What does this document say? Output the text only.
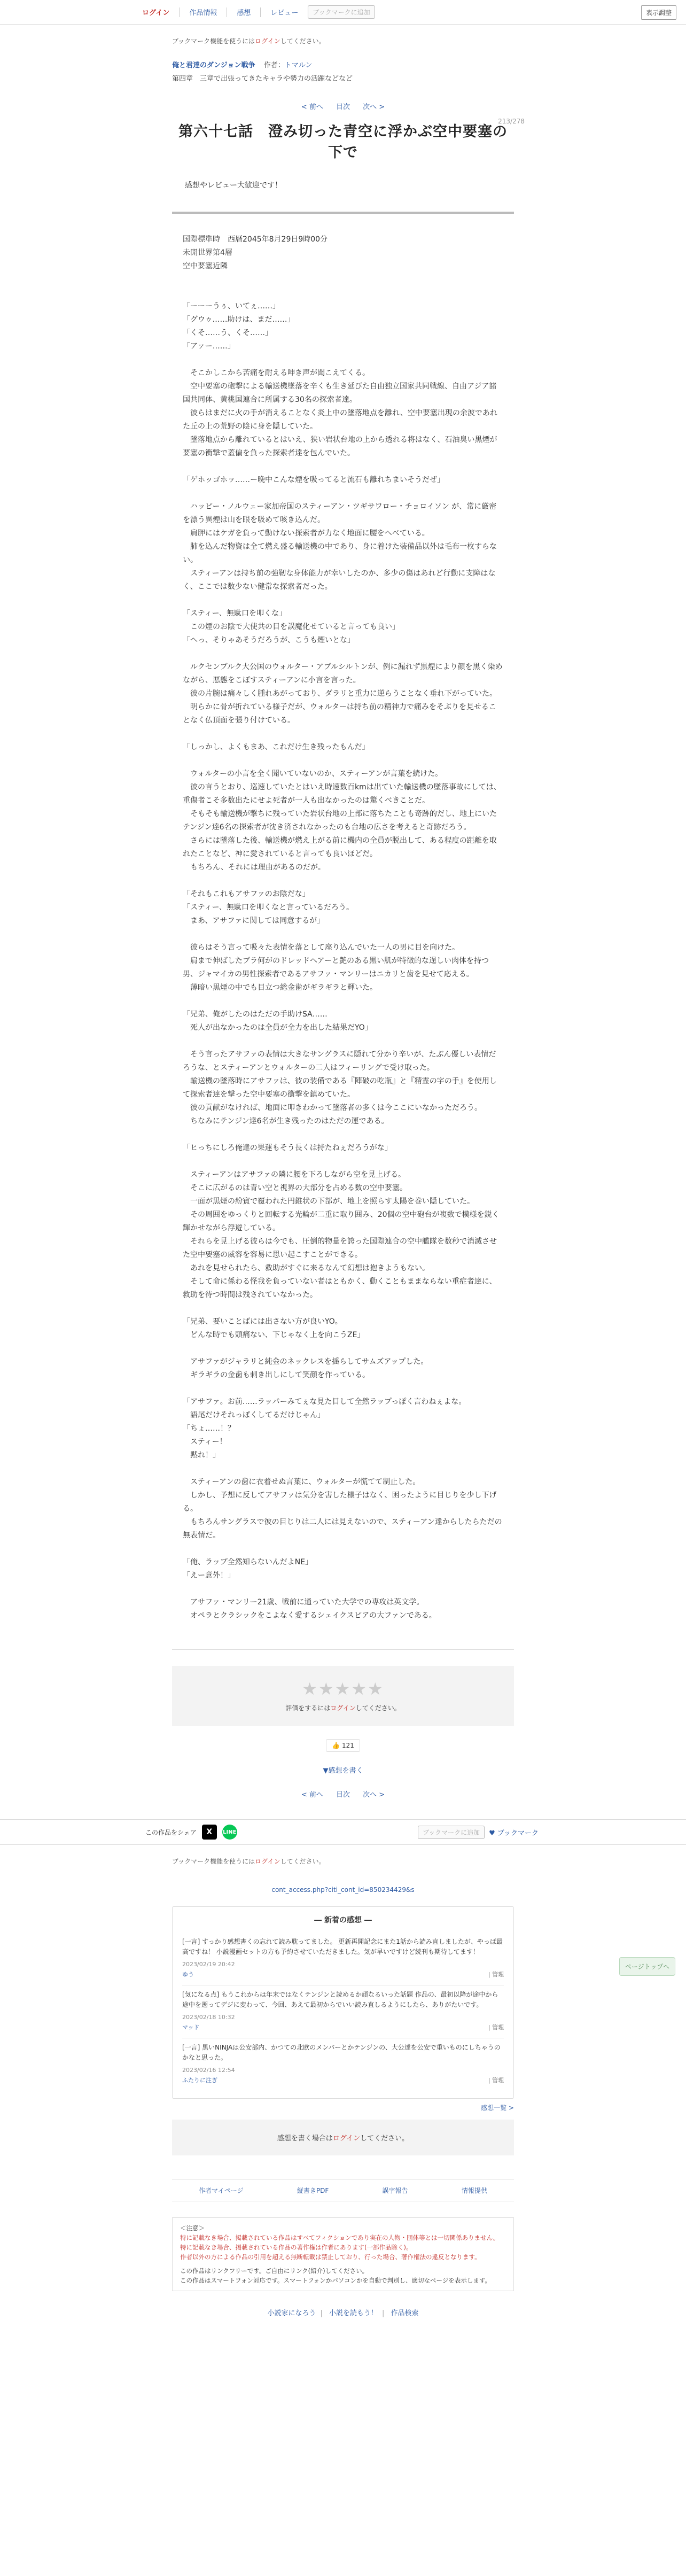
ログイン	作品情報	感想	レビュー	ブックマークに追加	表示調整
ブックマーク機能を使うにはログインしてください。
俺と君達のダンジョン戦争 作者：トマルン
第四章　三章で出張ってきたキャラや勢力の活躍などなど
< 前へ 目次 次へ >
213/278
第六十七話　澄み切った青空に浮かぶ空中要塞の下で
感想やレビュー大歓迎です！
国際標準時　西暦2045年8月29日9時00分
未開世界第4層
空中要塞近隣

「ーーーうぅ、いてぇ……」
「グウゥ……助けは、まだ……」
「くそ……う、くそ……」
「アァー……」

　そこかしこから苦痛を耐える呻き声が聞こえてくる。
　空中要塞の砲撃による輸送機墜落を辛くも生き延びた自由独立国家共同戦線、自由アジア諸国共同体、黄桃国連合に所属する30名の探索者達。
　彼らはまだに火の手が消えることなく炎上中の墜落地点を離れ、空中要塞出現の余波であれた丘の上の荒野の陰に身を隠していた。
　墜落地点から離れているとはいえ、狭い岩状台地の上から透れる将はなく、石油臭い黒煙が要塞の衝撃で蓋偏を負った探索者達を包んでいた。

「ゲホッゴホッ……ー晩中こんな煙を吸ってると流石も離れちまいそうだぜ」

　ハッピー・ノルウェー家加帝国のスティーアン・ツギサワロー・チョロイソン が、常に厳密を漂う異煙は山を眼を吸めて咳き込んだ。
　肩胛にはケガを負って動けない探索者が力なく地面に腰をへべている。
　肺を込んだ物資は全て燃え盛る輸送機の中であり、身に着けた装備品以外は毛布一枚すらない。
　スティーアンは持ち前の強靭な身体能力が幸いしたのか、多少の傷はあれど行動に支障はなく、ここでは数少ない健常な探索者だった。

「スティー、無駄口を叩くな」
　この煙のお陰で大使共の目を誤魔化せていると言っても良い」
「へっ、そりゃあそうだろうが、こうも煙いとな」

　ルクセンブルク大公国のウォルター・アブルシルトンが、例に漏れず黒煙により顔を黒く染めながら、悪態をこぼすスティーアンに小言を言った。
　彼の片腕は痛々しく腫れあがっており、ダラリと重力に逆らうことなく垂れ下がっていた。
　明らかに骨が折れている様子だが、ウォルターは持ち前の精神力で痛みをそぶりを見せることなく仏頂面を張り付けている。

「しっかし、よくもまあ、これだけ生き残ったもんだ」

　ウォルターの小言を全く聞いていないのか、スティーアンが言葉を続けた。
　彼の言うとおり、巡速していたとはいえ時速数百kmは出ていた輸送機の墜落事故にしては、重傷者こそ多数出たにせよ死者が一人も出なかったのは驚くべきことだ。
　そもそも輸送機が撃ちに残っていた岩状台地の上部に落ちたことも奇跡的だし、地上にいたテンジン達6名の探索者が沈き済されなかったのも台地の広さを考えると奇跡だろう。
　さらには墜落した後、輸送機が燃え上がる前に機内の全員が脱出して、ある程度の距離を取れたことなど、神に愛されていると言っても良いほどだ。
　もちろん、それには理由があるのだが。

「それもこれもアサファのお陰だな」
「スティー、無駄口を叩くなと言っているだろう。
　まあ、アサファに関しては同意するが」

　彼らはそう言って吸々た表情を落として座り込んでいた一人の男に目を向けた。
　肩まで伸ばしたブラ何がのドレッドヘアーと艶のある黒い肌が特徴的な逞しい肉体を持つ男、ジャマイカの男性探索者であるアサファ・マンリーはニカリと歯を見せて応える。
　薄暗い黒煙の中でも目立つ総金歯がギラギラと輝いた。

「兄弟、俺がしたのはただの手助けSA……
　死人が出なかったのは全員が全力を出した結果だYO」

　そう言ったアサファの表情は大きなサングラスに隠れて分かり辛いが、たぶん優しい表情だろうな、とスティーアンとウォルターの二人はフィーリングで受け取った。
　輸送機の墜落時にアサファは、彼の装備である『陣破の吃瓶』と『精霊の字の手』を使用して探索者達を撃った空中要塞の衝撃を鎮めていた。
　彼の貢献がなければ、地面に叩きわかって墜落者の多くは今ここにいなかっただろう。
　ちなみにテンジン達6名が生き残ったのはただの運である。

「ヒっちにしろ俺達の果運もそう長くは持たねぇだろうがな」

　スティーアンはアサファの隣に腰を下ろしながら空を見上げる。
　そこに広がるのは青い空と視界の大部分を占める数の空中要塞。
　一面が黒煙の紛賓で覆われた円錐状の下部が、地上を照らす太陽を巻い隠していた。
　その周囲をゆっくりと回転する光輪が二重に取り囲み、20個の空中砲台が複数で模様を鋭く輝かせながら浮遊している。
　それらを見上げる彼らは今でも、圧倒的物量を誇った国際連合の空中艦隊を数秒で消滅させた空中要塞の威容を容易に思い起こすことができる。
　あれを見せられたら、救助がすぐに来るなんて幻想は抱きようもない。
　そして命に係わる怪我を負っていない者はともかく、動くこともままならない重症者達に、救助を待つ時間は残されていなかった。

「兄弟、要いことばには出さない方が良いYO。
　どんな時でも頭痛ない、下じゃなく上を向こうZE」

　アサファがジャラリと純金のネックレスを揺らしてサムズアップした。
　ギラギラの金歯も刺き出しにして笑顔を作っている。

「アサファ。お前……ラッパーみてぇな見た目して全然ラップっぽく言わねぇよな。
　語尾だけそれっぽくしてるだけじゃん」
「ちょ……！？
　スティー！
　黙れ！」

　スティーアンの歯に衣着せぬ言葉に、ウォルターが慌てて制止した。
　しかし、予想に反してアサファは気分を害した様子はなく、困ったように目じりを少し下げる。
　もちろんサングラスで彼の目じりは二人には見えないので、スティーアン達からしたらただの無表情だ。

「俺、ラップ全然知らないんだよNE」
「えー意外！」

　アサファ・マンリー21歳、戦前に通っていた大学での専攻は英文学。
　オペラとクラシックをこよなく愛するシェイクスピアの大ファンである。
★★★★★
評価をするにはログインしてください。
👍 121
▼感想を書く
< 前へ 目次 次へ >
ページトップへ
この作品をシェア	X	LINE	ブックマークに追加	♥ ブックマーク
ブックマーク機能を使うにはログインしてください。
cont_access.php?citi_cont_id=850234429&s
― 新着の感想 ―
[一言] すっかり感想書くの忘れて読み耽ってました。 更新再開記念にまた1話から読み直しましたが、やっぱ最高ですね！ 小説漫画セットの方も予約させていただきました。気が早いですけど続刊も期待してます！
2023/02/19 20:42
ゆう	| 管理
[気になる点] もうこれからは年末ではなくテンジンと読めるか頑なるいった話題 作品の、最初以降が途中から途中を遡ってデジに変わって、今回、あえて最初からでいい読み直しるようにしたら、ありがたいです。
2023/02/18 10:32
マッド	| 管理
[一言] 黒いNINJAは公安部内、かつての北欧のメンバーとかテンジンの、大公達を公安で重いものにしちゃうのかなと思った。
2023/02/16 12:54
ふたりに注ぎ	| 管理
感想一覧 >
感想を書く場合はログインしてください。
作者マイページ	縦書きPDF	誤字報告	情報提供
＜注意＞
特に記載なき場合、掲載されている作品はすべてフィクションであり実在の人物・団体等とは一切関係ありません。
特に記載なき場合、掲載されている作品の著作権は作者にあります(一部作品除く)。
作者以外の方による作品の引用を超える無断転載は禁止しており、行った場合、著作権法の違反となります。
この作品はリンクフリーです。ご自由にリンク(紹介)してください。
この作品はスマートフォン対応です。スマートフォンかパソコンかを自動で判別し、適切なページを表示します。
小説家になろう | 小説を読もう！ | 作品検索
